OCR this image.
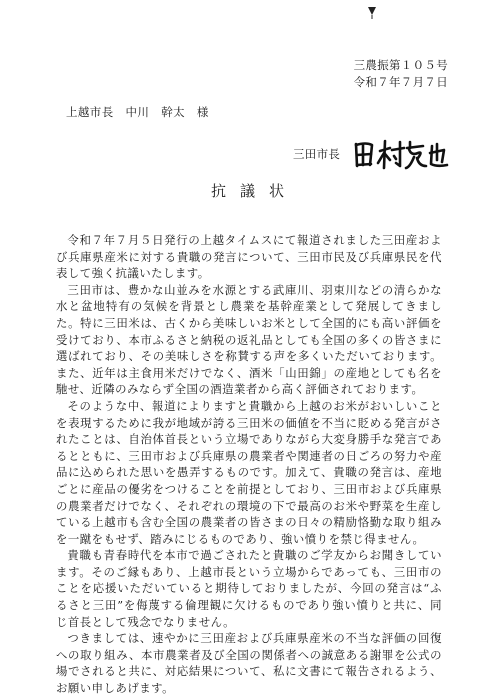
三農振第１０５号
令和７年７月７日
上越市長　中川　幹太　様
三田市長
抗議状

令和７年７月５日発行の上越タイムスにて報道されました三田産および兵庫県産米に対する貴職の発言について、三田市民及び兵庫県民を代表して強く抗議いたします。

三田市は、豊かな山並みを水源とする武庫川、羽束川などの清らかな水と盆地特有の気候を背景とし農業を基幹産業として発展してきました。特に三田米は、古くから美味しいお米として全国的にも高い評価を受けており、本市ふるさと納税の返礼品としても全国の多くの皆さまに選ばれており、その美味しさを称賛する声を多くいただいております。また、近年は主食用米だけでなく、酒米「山田錦」の産地としても名を馳せ、近隣のみならず全国の酒造業者から高く評価されております。

そのような中、報道によりますと貴職から上越のお米がおいしいことを表現するために我が地域が誇る三田米の価値を不当に貶める発言がされたことは、自治体首長という立場でありながら大変身勝手な発言であるとともに、三田市および兵庫県の農業者や関連者の日ごろの努力や産品に込められた思いを愚弄するものです。加えて、貴職の発言は、産地ごとに産品の優劣をつけることを前提としており、三田市および兵庫県の農業者だけでなく、それぞれの環境の下で最高のお米や野菜を生産している上越市も含む全国の農業者の皆さまの日々の精励恪勤な取り組みを一蹴をもせず、踏みにじるものであり、強い憤りを禁じ得ません。

貴職も青春時代を本市で過ごされたと貴職のご学友からお聞きしています。そのご縁もあり、上越市長という立場からであっても、三田市のことを応援いただいていると期待しておりましたが、今回の発言は“ふるさと三田”を侮蔑する倫理観に欠けるものであり強い憤りと共に、同じ首長として残念でなりません。

つきましては、速やかに三田産および兵庫県産米の不当な評価の回復への取り組み、本市農業者及び全国の関係者への誠意ある謝罪を公式の場でされると共に、対応結果について、私に文書にて報告されるよう、お願い申しあげます。
